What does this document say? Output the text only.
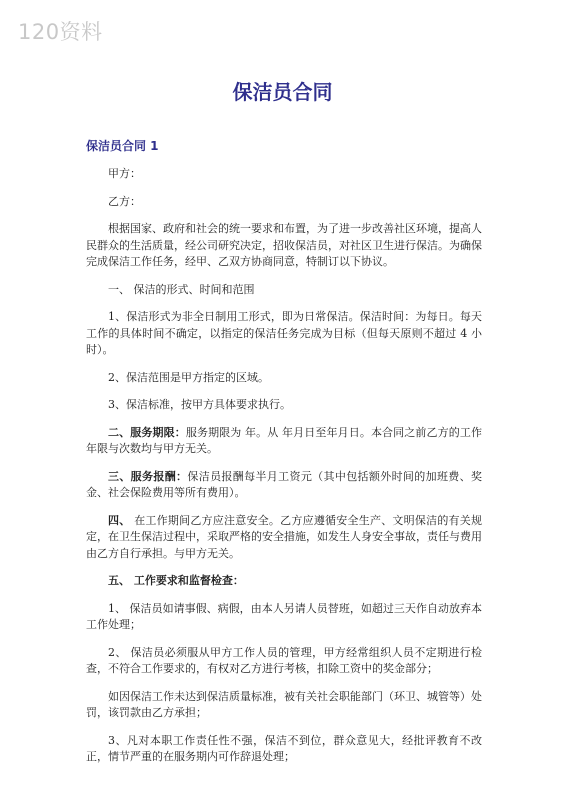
120资料
保洁员合同
保洁员合同 1

甲方：

乙方：

根据国家、政府和社会的统一要求和布置，为了进一步改善社区环境，提高人民群众的生活质量，经公司研究决定，招收保洁员，对社区卫生进行保洁。为确保完成保洁工作任务，经甲、乙双方协商同意，特制订以下协议。

一、 保洁的形式、时间和范围

1、保洁形式为非全日制用工形式，即为日常保洁。保洁时间：为每日。每天工作的具体时间不确定，以指定的保洁任务完成为目标（但每天原则不超过 4 小时）。

2、保洁范围是甲方指定的区域。

3、保洁标准，按甲方具体要求执行。

二、服务期限：服务期限为 年。从 年月日至年月日。本合同之前乙方的工作年限与次数均与甲方无关。

三、服务报酬：保洁员报酬每半月工资元（其中包括额外时间的加班费、奖金、社会保险费用等所有费用）。

四、 在工作期间乙方应注意安全。乙方应遵循安全生产、文明保洁的有关规定，在卫生保洁过程中，采取严格的安全措施，如发生人身安全事故，责任与费用由乙方自行承担。与甲方无关。

五、 工作要求和监督检查：

1、 保洁员如请事假、病假，由本人另请人员替班，如超过三天作自动放弃本工作处理；

2、 保洁员必须服从甲方工作人员的管理，甲方经常组织人员不定期进行检查，不符合工作要求的，有权对乙方进行考核，扣除工资中的奖金部分；

如因保洁工作未达到保洁质量标准，被有关社会职能部门（环卫、城管等）处罚，该罚款由乙方承担；

3、凡对本职工作责任性不强，保洁不到位，群众意见大，经批评教育不改正，情节严重的在服务期内可作辞退处理；
